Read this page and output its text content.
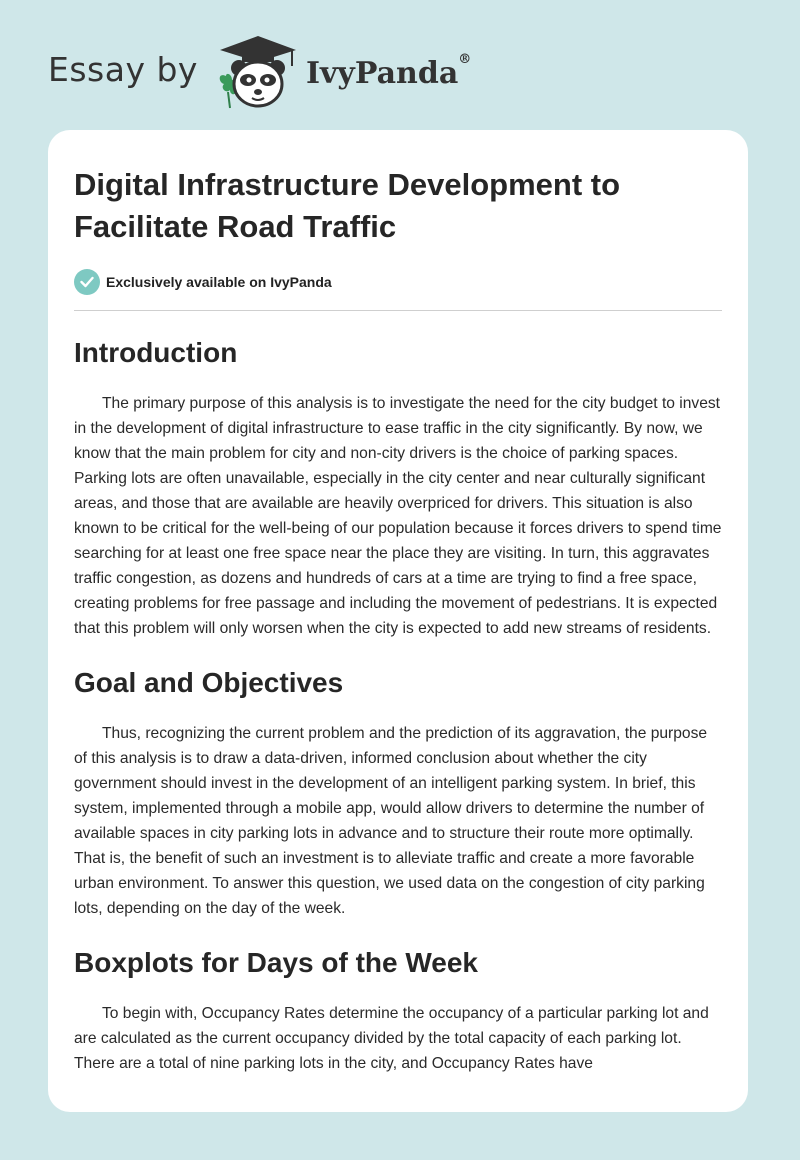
Essay by	IvyPanda®
Digital Infrastructure Development to Facilitate Road Traffic
Exclusively available on IvyPanda
Introduction

The primary purpose of this analysis is to investigate the need for the city budget to invest in the development of digital infrastructure to ease traffic in the city significantly. By now, we know that the main problem for city and non-city drivers is the choice of parking spaces. Parking lots are often unavailable, especially in the city center and near culturally significant areas, and those that are available are heavily overpriced for drivers. This situation is also known to be critical for the well-being of our population because it forces drivers to spend time searching for at least one free space near the place they are visiting. In turn, this aggravates traffic congestion, as dozens and hundreds of cars at a time are trying to find a free space, creating problems for free passage and including the movement of pedestrians. It is expected that this problem will only worsen when the city is expected to add new streams of residents.

Goal and Objectives

Thus, recognizing the current problem and the prediction of its aggravation, the purpose of this analysis is to draw a data-driven, informed conclusion about whether the city government should invest in the development of an intelligent parking system. In brief, this system, implemented through a mobile app, would allow drivers to determine the number of available spaces in city parking lots in advance and to structure their route more optimally. That is, the benefit of such an investment is to alleviate traffic and create a more favorable urban environment. To answer this question, we used data on the congestion of city parking lots, depending on the day of the week.

Boxplots for Days of the Week

To begin with, Occupancy Rates determine the occupancy of a particular parking lot and are calculated as the current occupancy divided by the total capacity of each parking lot. There are a total of nine parking lots in the city, and Occupancy Rates have
